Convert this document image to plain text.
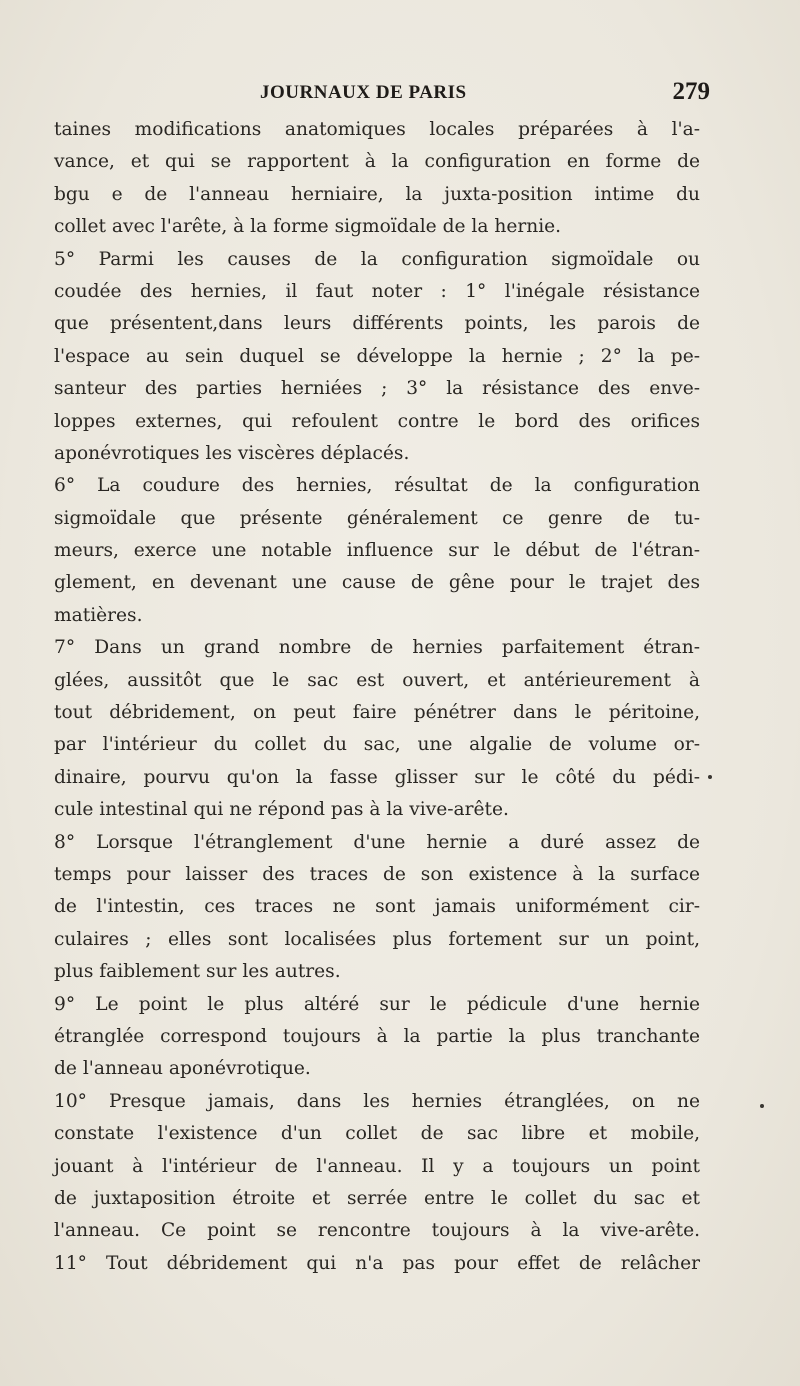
JOURNAUX DE PARIS	279
taines modifications anatomiques locales préparées à l'a-
vance, et qui se rapportent à la configuration en forme de
bgu e de l'anneau herniaire, la juxta-position intime du
collet avec l'arête, à la forme sigmoïdale de la hernie.
5° Parmi les causes de la configuration sigmoïdale ou
coudée des hernies, il faut noter : 1° l'inégale résistance
que présentent,dans leurs différents points, les parois de
l'espace au sein duquel se développe la hernie ; 2° la pe-
santeur des parties herniées ; 3° la résistance des enve-
loppes externes, qui refoulent contre le bord des orifices
aponévrotiques les viscères déplacés.
6° La coudure des hernies, résultat de la configuration
sigmoïdale que présente généralement ce genre de tu-
meurs, exerce une notable influence sur le début de l'étran-
glement, en devenant une cause de gêne pour le trajet des
matières.
7° Dans un grand nombre de hernies parfaitement étran-
glées, aussitôt que le sac est ouvert, et antérieurement à
tout débridement, on peut faire pénétrer dans le péritoine,
par l'intérieur du collet du sac, une algalie de volume or-
dinaire, pourvu qu'on la fasse glisser sur le côté du pédi-
cule intestinal qui ne répond pas à la vive-arête.
8° Lorsque l'étranglement d'une hernie a duré assez de
temps pour laisser des traces de son existence à la surface
de l'intestin, ces traces ne sont jamais uniformément cir-
culaires ; elles sont localisées plus fortement sur un point,
plus faiblement sur les autres.
9° Le point le plus altéré sur le pédicule d'une hernie
étranglée correspond toujours à la partie la plus tranchante
de l'anneau aponévrotique.
10° Presque jamais, dans les hernies étranglées, on ne
constate l'existence d'un collet de sac libre et mobile,
jouant à l'intérieur de l'anneau. Il y a toujours un point
de juxtaposition étroite et serrée entre le collet du sac et
l'anneau. Ce point se rencontre toujours à la vive-arête.
11° Tout débridement qui n'a pas pour effet de relâcher
